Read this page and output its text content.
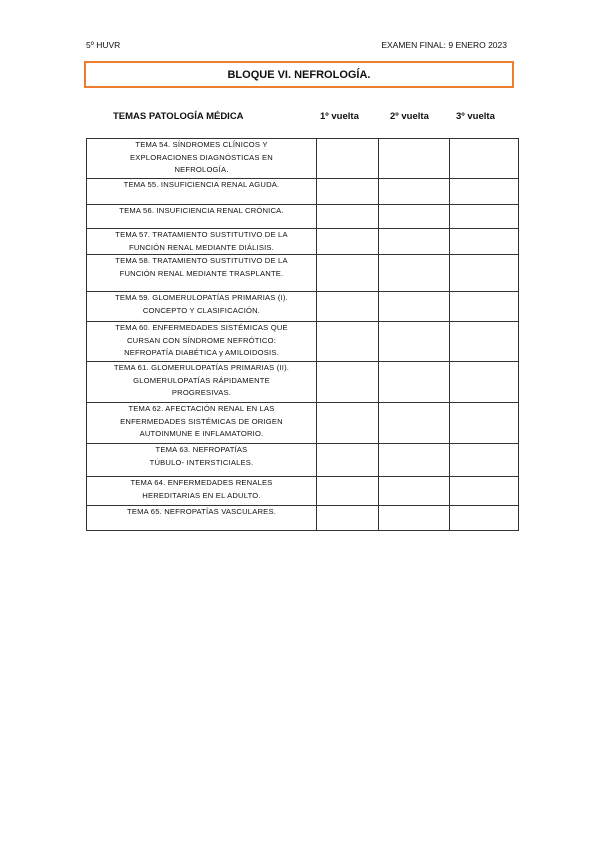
5º HUVR	EXAMEN FINAL: 9 ENERO 2023
BLOQUE VI. NEFROLOGÍA.
TEMAS PATOLOGÍA MÉDICA	1º vuelta	2º vuelta	3º vuelta
TEMA 54. SÍNDROMES CLÍNICOS Y
EXPLORACIONES DIAGNÓSTICAS EN
NEFROLOGÍA.			

TEMA 55. INSUFICIENCIA RENAL AGUDA.			

TEMA 56. INSUFICIENCIA RENAL CRÓNICA.			

TEMA 57. TRATAMIENTO SUSTITUTIVO DE LA
FUNCIÓN RENAL MEDIANTE DIÁLISIS.			

TEMA 58. TRATAMIENTO SUSTITUTIVO DE LA
FUNCIÓN RENAL MEDIANTE TRASPLANTE.			

TEMA 59. GLOMERULOPATÍAS PRIMARIAS (I).
CONCEPTO Y CLASIFICACIÓN.			

TEMA 60. ENFERMEDADES SISTÉMICAS QUE
CURSAN CON SÍNDROME NEFRÓTICO:
NEFROPATÍA DIABÉTICA y AMILOIDOSIS.			

TEMA 61. GLOMERULOPATÍAS PRIMARIAS (II).
GLOMERULOPATÍAS RÁPIDAMENTE
PROGRESIVAS.			

TEMA 62. AFECTACIÓN RENAL EN LAS
ENFERMEDADES SISTÉMICAS DE ORIGEN
AUTOINMUNE E INFLAMATORIO.			

TEMA 63. NEFROPATÍAS
TÚBULO- INTERSTICIALES.			

TEMA 64. ENFERMEDADES RENALES
HEREDITARIAS EN EL ADULTO.			

TEMA 65. NEFROPATÍAS VASCULARES.			
